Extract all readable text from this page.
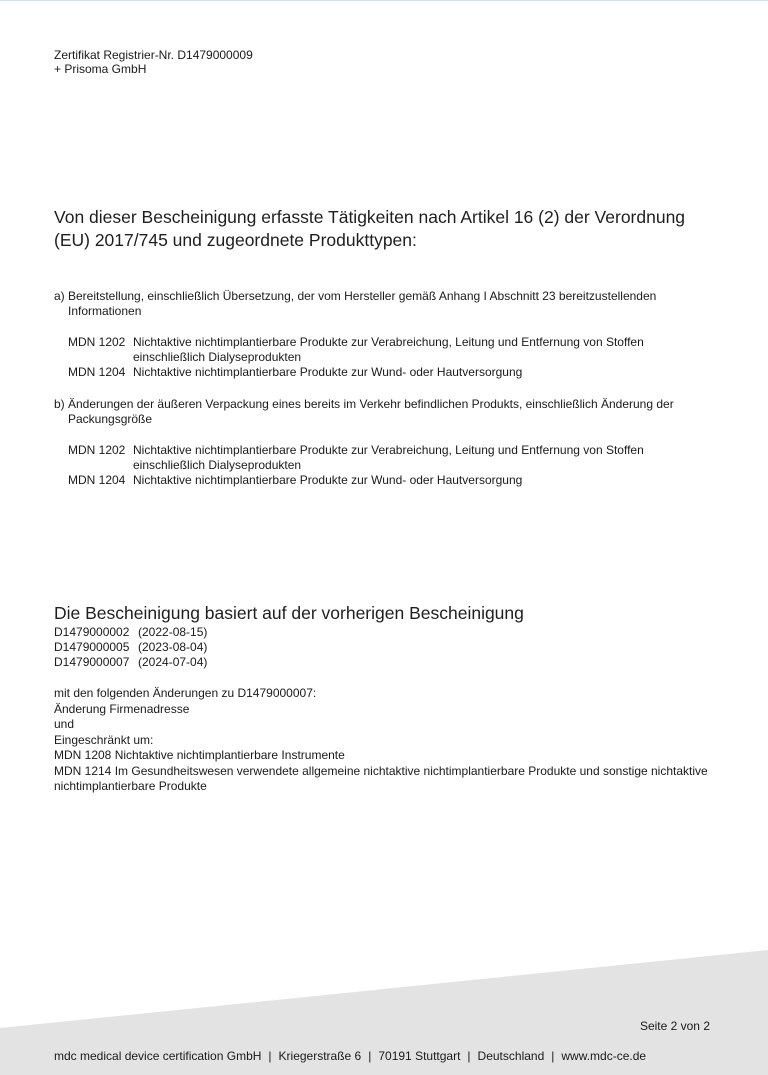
Zertifikat Registrier-Nr. D1479000009
+ Prisoma GmbH
Von dieser Bescheinigung erfasste Tätigkeiten nach Artikel 16 (2) der Verordnung (EU) 2017/745 und zugeordnete Produkttypen:
a) Bereitstellung, einschließlich Übersetzung, der vom Hersteller gemäß Anhang I Abschnitt 23 bereitzustellenden Informationen
MDN 1202 Nichtaktive nichtimplantierbare Produkte zur Verabreichung, Leitung und Entfernung von Stoffen
einschließlich Dialyseprodukten
MDN 1204 Nichtaktive nichtimplantierbare Produkte zur Wund- oder Hautversorgung
b) Änderungen der äußeren Verpackung eines bereits im Verkehr befindlichen Produkts, einschließlich Änderung der Packungsgröße
MDN 1202 Nichtaktive nichtimplantierbare Produkte zur Verabreichung, Leitung und Entfernung von Stoffen
einschließlich Dialyseprodukten
MDN 1204 Nichtaktive nichtimplantierbare Produkte zur Wund- oder Hautversorgung
Die Bescheinigung basiert auf der vorherigen Bescheinigung
D1479000002 (2022-08-15)
D1479000005 (2023-08-04)
D1479000007 (2024-07-04)
mit den folgenden Änderungen zu D1479000007:
Änderung Firmenadresse
und
Eingeschränkt um:
MDN 1208 Nichtaktive nichtimplantierbare Instrumente
MDN 1214 Im Gesundheitswesen verwendete allgemeine nichtaktive nichtimplantierbare Produkte und sonstige nichtaktive nichtimplantierbare Produkte
Seite 2 von 2
mdc medical device certification GmbH | Kriegerstraße 6 | 70191 Stuttgart | Deutschland | www.mdc-ce.de
